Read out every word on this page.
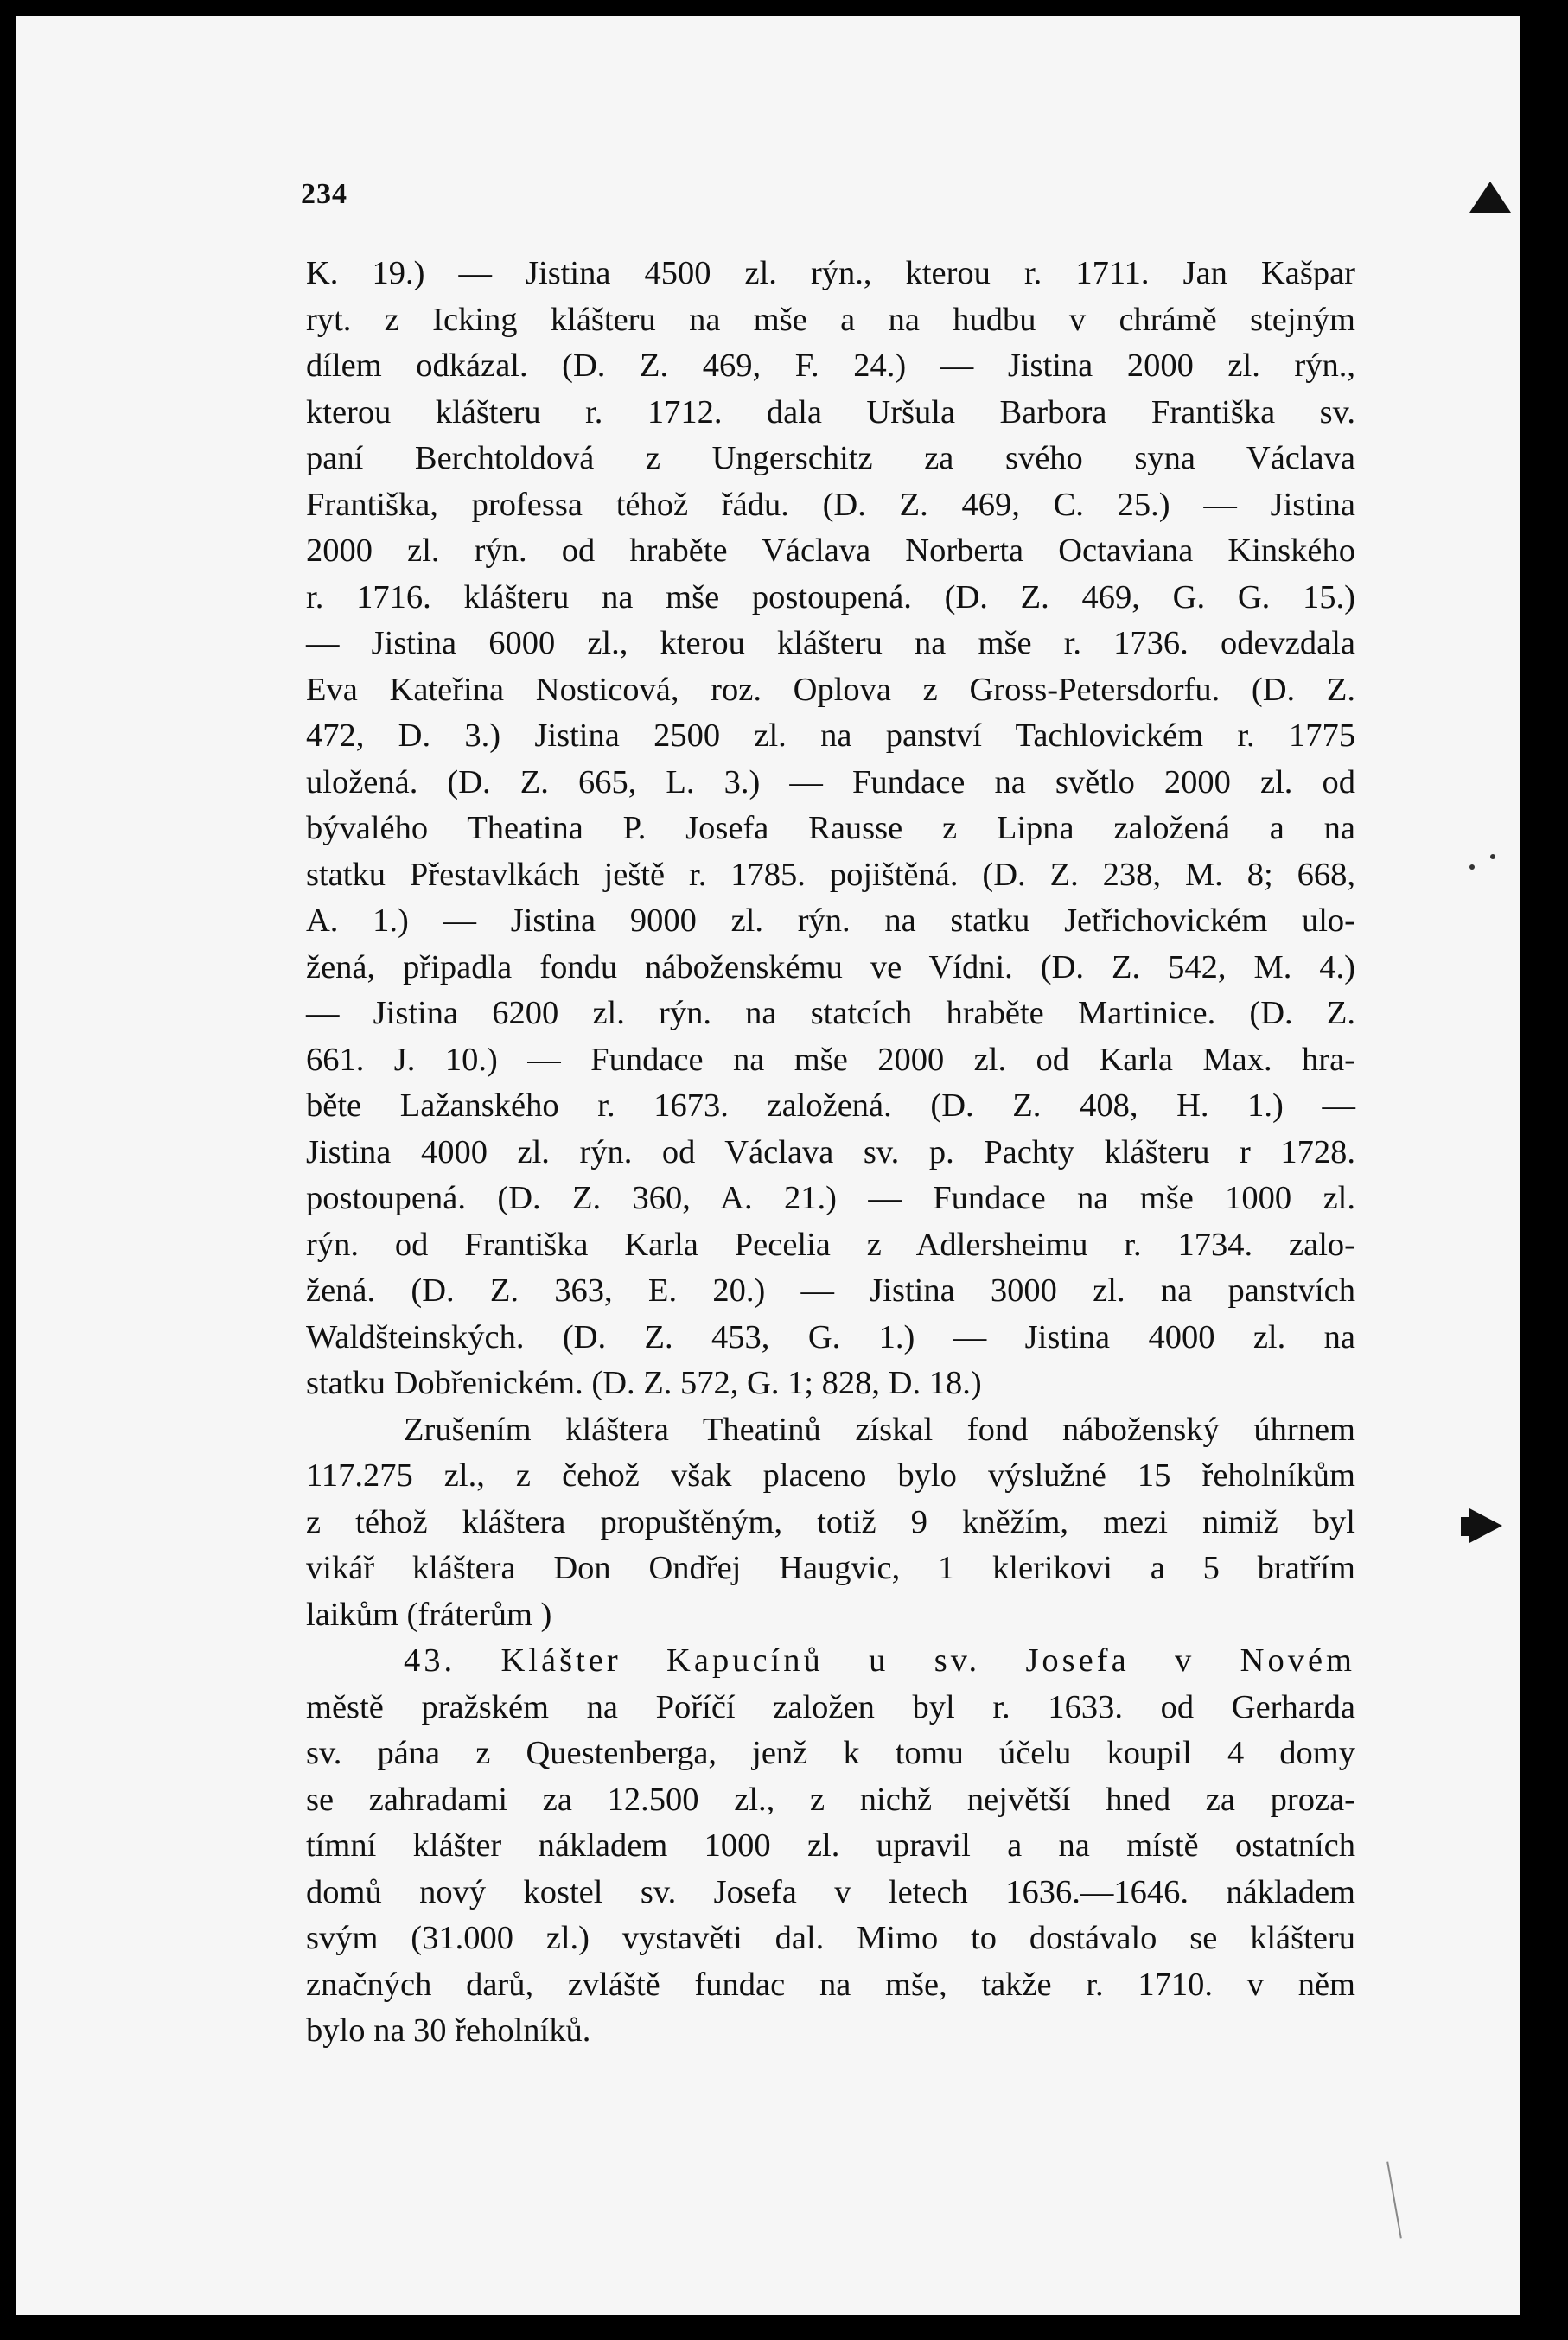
234
K. 19.) — Jistina 4500 zl. rýn., kterou r. 1711. Jan Kašpar
ryt. z Icking klášteru na mše a na hudbu v chrámě stejným
dílem odkázal. (D. Z. 469, F. 24.) — Jistina 2000 zl. rýn.,
kterou klášteru r. 1712. dala Uršula Barbora Františka sv.
paní Berchtoldová z Ungerschitz za svého syna Václava
Františka, professa téhož řádu. (D. Z. 469, C. 25.) — Jistina
2000 zl. rýn. od hraběte Václava Norberta Octaviana Kinského
r. 1716. klášteru na mše postoupená. (D. Z. 469, G. G. 15.)
— Jistina 6000 zl., kterou klášteru na mše r. 1736. odevzdala
Eva Kateřina Nosticová, roz. Oplova z Gross-Petersdorfu. (D. Z.
472, D. 3.) Jistina 2500 zl. na panství Tachlovickém r. 1775
uložená. (D. Z. 665, L. 3.) — Fundace na světlo 2000 zl. od
bývalého Theatina P. Josefa Rausse z Lipna založená a na
statku Přestavlkách ještě r. 1785. pojištěná. (D. Z. 238, M. 8; 668,
A. 1.) — Jistina 9000 zl. rýn. na statku Jetřichovickém ulo-
žená, připadla fondu náboženskému ve Vídni. (D. Z. 542, M. 4.)
— Jistina 6200 zl. rýn. na statcích hraběte Martinice. (D. Z.
661. J. 10.) — Fundace na mše 2000 zl. od Karla Max. hra-
běte Lažanského r. 1673. založená. (D. Z. 408, H. 1.) —
Jistina 4000 zl. rýn. od Václava sv. p. Pachty klášteru r 1728.
postoupená. (D. Z. 360, A. 21.) — Fundace na mše 1000 zl.
rýn. od Františka Karla Pecelia z Adlersheimu r. 1734. zalo-
žená. (D. Z. 363, E. 20.) — Jistina 3000 zl. na panstvích
Waldšteinských. (D. Z. 453, G. 1.) — Jistina 4000 zl. na
statku Dobřenickém. (D. Z. 572, G. 1; 828, D. 18.)
Zrušením kláštera Theatinů získal fond náboženský úhrnem
117.275 zl., z čehož však placeno bylo výslužné 15 řeholníkům
z téhož kláštera propuštěným, totiž 9 kněžím, mezi nimiž byl
vikář kláštera Don Ondřej Haugvic, 1 klerikovi a 5 bratřím
laikům (fráterům )
43. Klášter Kapucínů u sv. Josefa v Novém
městě pražském na Poříčí založen byl r. 1633. od Gerharda
sv. pána z Questenberga, jenž k tomu účelu koupil 4 domy
se zahradami za 12.500 zl., z nichž největší hned za proza-
tímní klášter nákladem 1000 zl. upravil a na místě ostatních
domů nový kostel sv. Josefa v letech 1636.—1646. nákladem
svým (31.000 zl.) vystavěti dal. Mimo to dostávalo se klášteru
značných darů, zvláště fundac na mše, takže r. 1710. v něm
bylo na 30 řeholníků.
